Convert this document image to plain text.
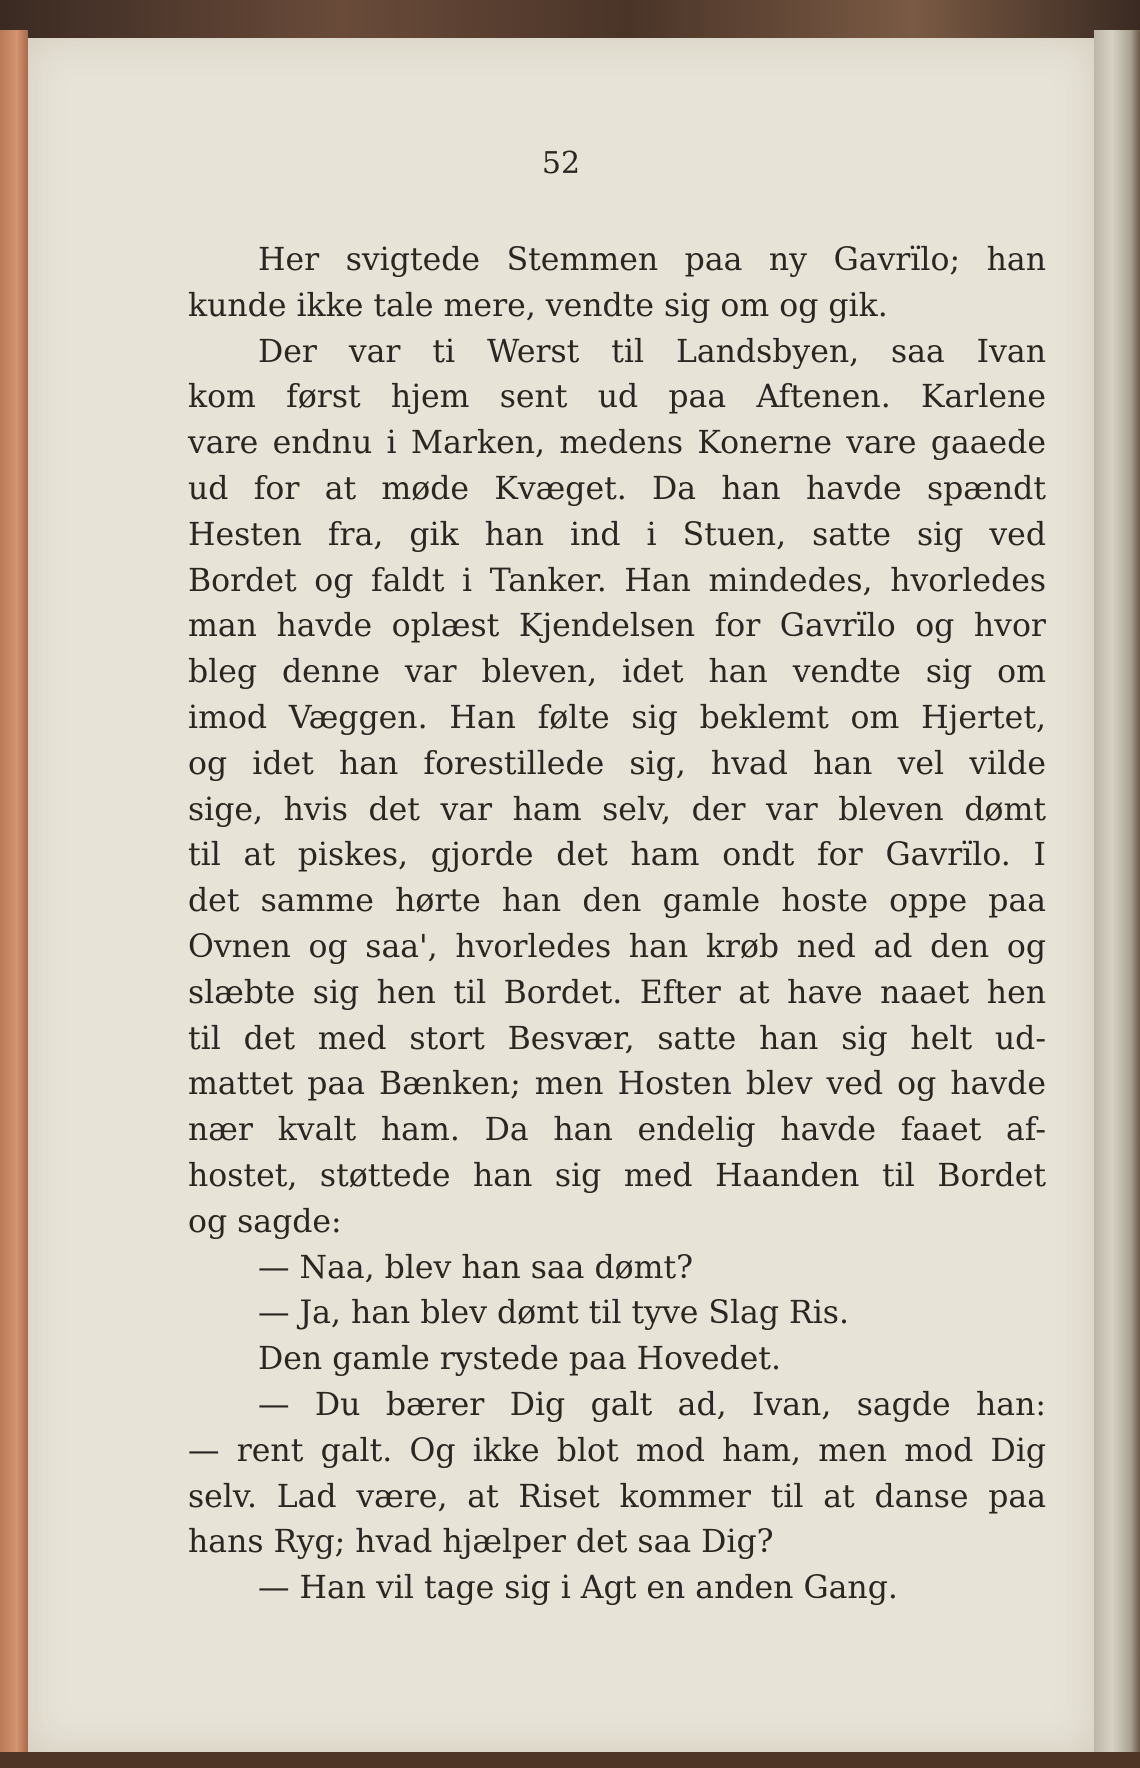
52
Her svigtede Stemmen paa ny Gavrïlo; han
kunde ikke tale mere, vendte sig om og gik.
Der var ti Werst til Landsbyen, saa Ivan
kom først hjem sent ud paa Aftenen. Karlene
vare endnu i Marken, medens Konerne vare gaaede
ud for at møde Kvæget. Da han havde spændt
Hesten fra, gik han ind i Stuen, satte sig ved
Bordet og faldt i Tanker. Han mindedes, hvorledes
man havde oplæst Kjendelsen for Gavrïlo og hvor
bleg denne var bleven, idet han vendte sig om
imod Væggen. Han følte sig beklemt om Hjertet,
og idet han forestillede sig, hvad han vel vilde
sige, hvis det var ham selv, der var bleven dømt
til at piskes, gjorde det ham ondt for Gavrïlo. I
det samme hørte han den gamle hoste oppe paa
Ovnen og saa', hvorledes han krøb ned ad den og
slæbte sig hen til Bordet. Efter at have naaet hen
til det med stort Besvær, satte han sig helt ud-
mattet paa Bænken; men Hosten blev ved og havde
nær kvalt ham. Da han endelig havde faaet af-
hostet, støttede han sig med Haanden til Bordet
og sagde:
— Naa, blev han saa dømt?
— Ja, han blev dømt til tyve Slag Ris.
Den gamle rystede paa Hovedet.
— Du bærer Dig galt ad, Ivan, sagde han:
— rent galt. Og ikke blot mod ham, men mod Dig
selv. Lad være, at Riset kommer til at danse paa
hans Ryg; hvad hjælper det saa Dig?
— Han vil tage sig i Agt en anden Gang.
